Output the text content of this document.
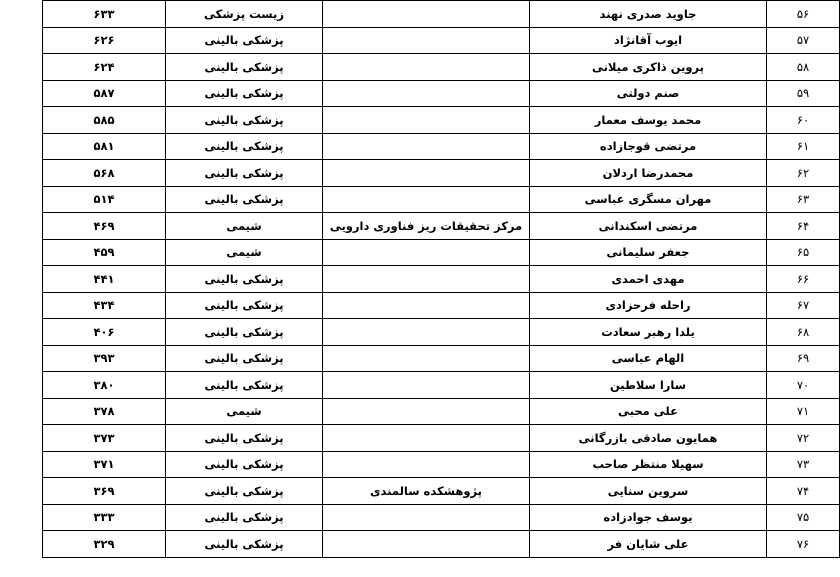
۵۶	جاوید صدری نهند		زیست پزشکی	۶۳۳
۵۷	ایوب آقانژاد		پزشکی بالینی	۶۲۶
۵۸	پروین ذاکری میلانی		پزشکی بالینی	۶۲۴
۵۹	صنم دولتی		پزشکی بالینی	۵۸۷
۶۰	محمد یوسف معمار		پزشکی بالینی	۵۸۵
۶۱	مرتضی قوجازاده		پزشکی بالینی	۵۸۱
۶۲	محمدرضا اردلان		پزشکی بالینی	۵۶۸
۶۳	مهران مسگری عباسی		پزشکی بالینی	۵۱۴
۶۴	مرتضی اسکندانی	مرکز تحقیقات ریز فناوری دارویی	شیمی	۴۶۹
۶۵	جعفر سلیمانی		شیمی	۴۵۹
۶۶	مهدی احمدی		پزشکی بالینی	۴۴۱
۶۷	راحله فرحزادی		پزشکی بالینی	۴۳۴
۶۸	یلدا رهبر سعادت		پزشکی بالینی	۴۰۶
۶۹	الهام عباسی		پزشکی بالینی	۳۹۳
۷۰	سارا سلاطین		پزشکی بالینی	۳۸۰
۷۱	علی محبی		شیمی	۳۷۸
۷۲	همایون صادقی بازرگانی		پزشکی بالینی	۳۷۳
۷۳	سهیلا منتظر صاحب		پزشکی بالینی	۳۷۱
۷۴	سروین سنایی	پژوهشکده سالمندی	پزشکی بالینی	۳۶۹
۷۵	یوسف جوادزاده		پزشکی بالینی	۳۳۳
۷۶	علی شایان فر		پزشکی بالینی	۳۲۹
